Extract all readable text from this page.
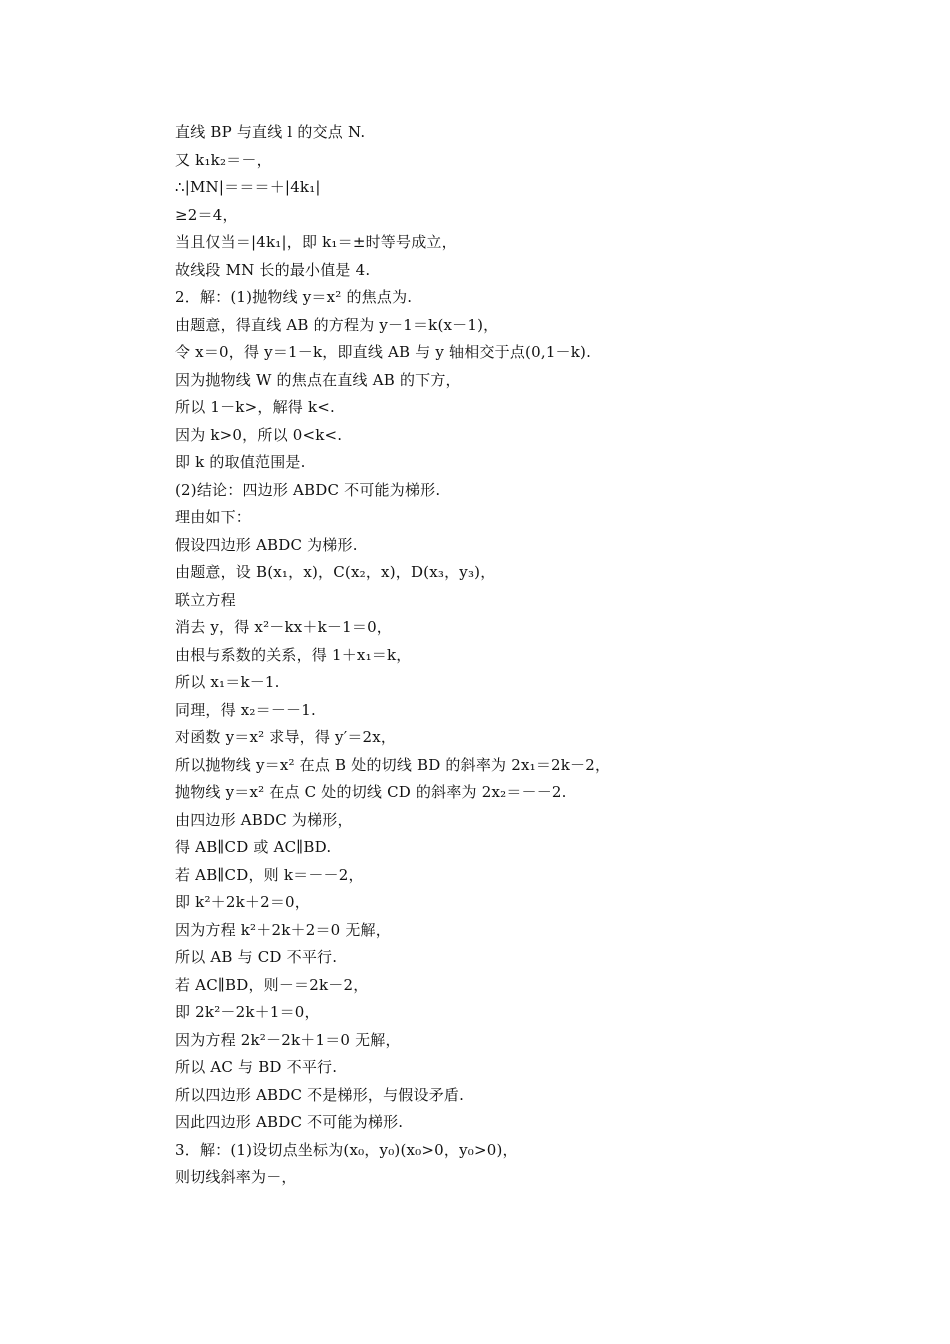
直线 BP 与直线 l 的交点 N.
又 k₁k₂＝－，
∴|MN|＝＝＝＋|4k₁|
≥2＝4，
当且仅当＝|4k₁|，即 k₁＝±时等号成立，
故线段 MN 长的最小值是 4.
2．解：(1)抛物线 y＝x² 的焦点为.
由题意，得直线 AB 的方程为 y－1＝k(x－1)，
令 x＝0，得 y＝1－k，即直线 AB 与 y 轴相交于点(0,1－k).
因为抛物线 W 的焦点在直线 AB 的下方，
所以 1－k>，解得 k<.
因为 k>0，所以 0<k<.
即 k 的取值范围是.
(2)结论：四边形 ABDC 不可能为梯形.
理由如下：
假设四边形 ABDC 为梯形.
由题意，设 B(x₁，x)，C(x₂，x)，D(x₃，y₃)，
联立方程
消去 y，得 x²－kx＋k－1＝0，
由根与系数的关系，得 1＋x₁＝k，
所以 x₁＝k－1.
同理，得 x₂＝－－1.
对函数 y＝x² 求导，得 y′＝2x，
所以抛物线 y＝x² 在点 B 处的切线 BD 的斜率为 2x₁＝2k－2，
抛物线 y＝x² 在点 C 处的切线 CD 的斜率为 2x₂＝－－2.
由四边形 ABDC 为梯形，
得 AB∥CD 或 AC∥BD.
若 AB∥CD，则 k＝－－2，
即 k²＋2k＋2＝0，
因为方程 k²＋2k＋2＝0 无解，
所以 AB 与 CD 不平行.
若 AC∥BD，则－＝2k－2，
即 2k²－2k＋1＝0，
因为方程 2k²－2k＋1＝0 无解，
所以 AC 与 BD 不平行.
所以四边形 ABDC 不是梯形，与假设矛盾.
因此四边形 ABDC 不可能为梯形.
3．解：(1)设切点坐标为(x₀，y₀)(x₀>0，y₀>0)，
则切线斜率为－，
